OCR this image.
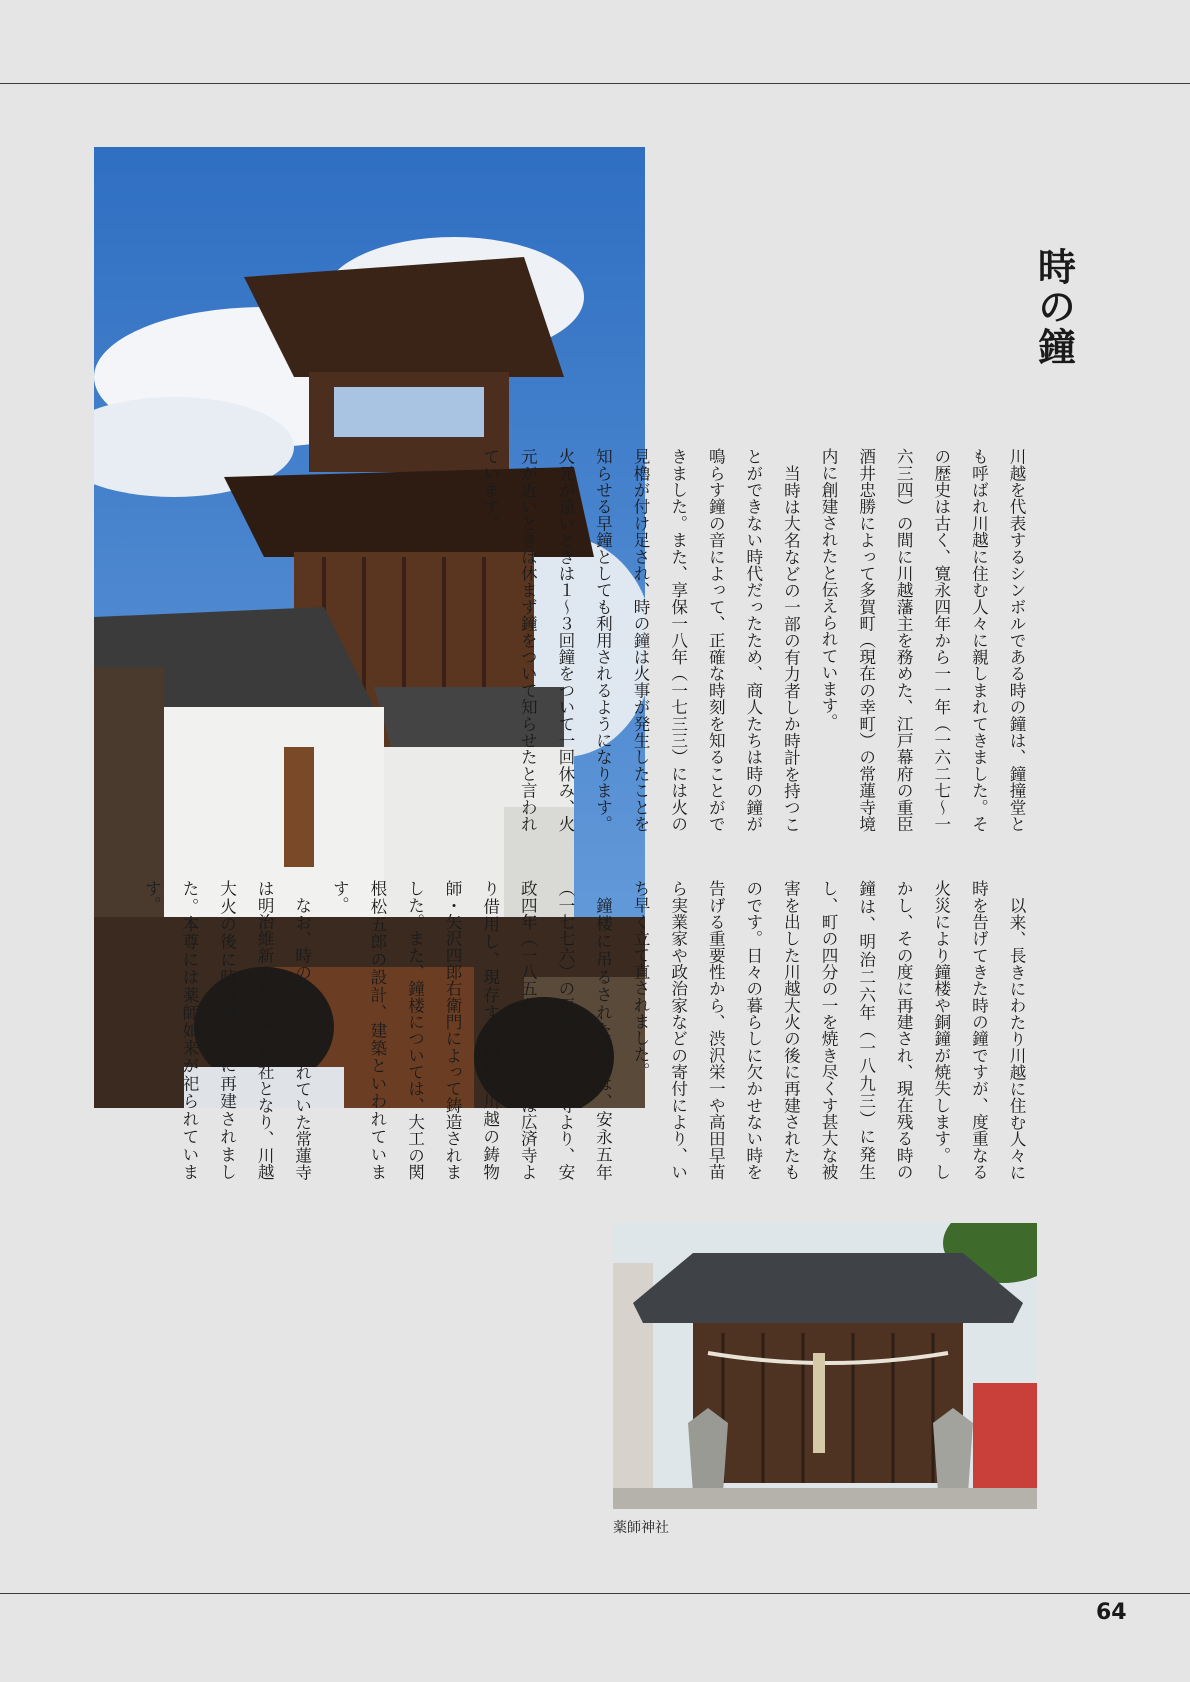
時の鐘

川越を代表するシンボルである時の鐘は、鐘撞堂とも呼ばれ川越に住む人々に親しまれてきました。その歴史は古く、寛永四年から一一年（一六二七～一六三四）の間に川越藩主を務めた、江戸幕府の重臣酒井忠勝によって多賀町（現在の幸町）の常蓮寺境内に創建されたと伝えられています。

当時は大名などの一部の有力者しか時計を持つことができない時代だったため、商人たちは時の鐘が鳴らす鐘の音によって、正確な時刻を知ることができました。また、享保一八年（一七三三）には火の見櫓が付け足され、時の鐘は火事が発生したことを知らせる早鐘としても利用されるようになります。火元が遠いときは１～３回鐘をついて一回休み、火元が近いときは休まず鐘をついて知らせたと言われています。

以来、長きにわたり川越に住む人々に時を告げてきた時の鐘ですが、度重なる火災により鐘楼や銅鐘が焼失します。しかし、その度に再建され、現在残る時の鐘は、明治二六年（一八九三）に発生し、町の四分の一を焼き尽くす甚大な被害を出した川越大火の後に再建されたものです。日々の暮らしに欠かせない時を告げる重要性から、渋沢栄一や高田早苗ら実業家や政治家などの寄付により、いち早く立て直されました。

鐘楼に吊るされた銅鐘は、安永五年（一七七六）の再建後は行伝寺より、安政四年（一八五七）の再建後は広済寺より借用し、現存する銅鐘は川越の鋳物師・矢沢四郎右衛門によって鋳造されました。また、鐘楼については、大工の関根松五郎の設計、建築といわれています。

なお、時の鐘が建てられていた常蓮寺は明治維新の際に薬師神社となり、川越大火の後に時の鐘と共に再建されました。本尊には薬師如来が祀られています。

薬師神社
64
